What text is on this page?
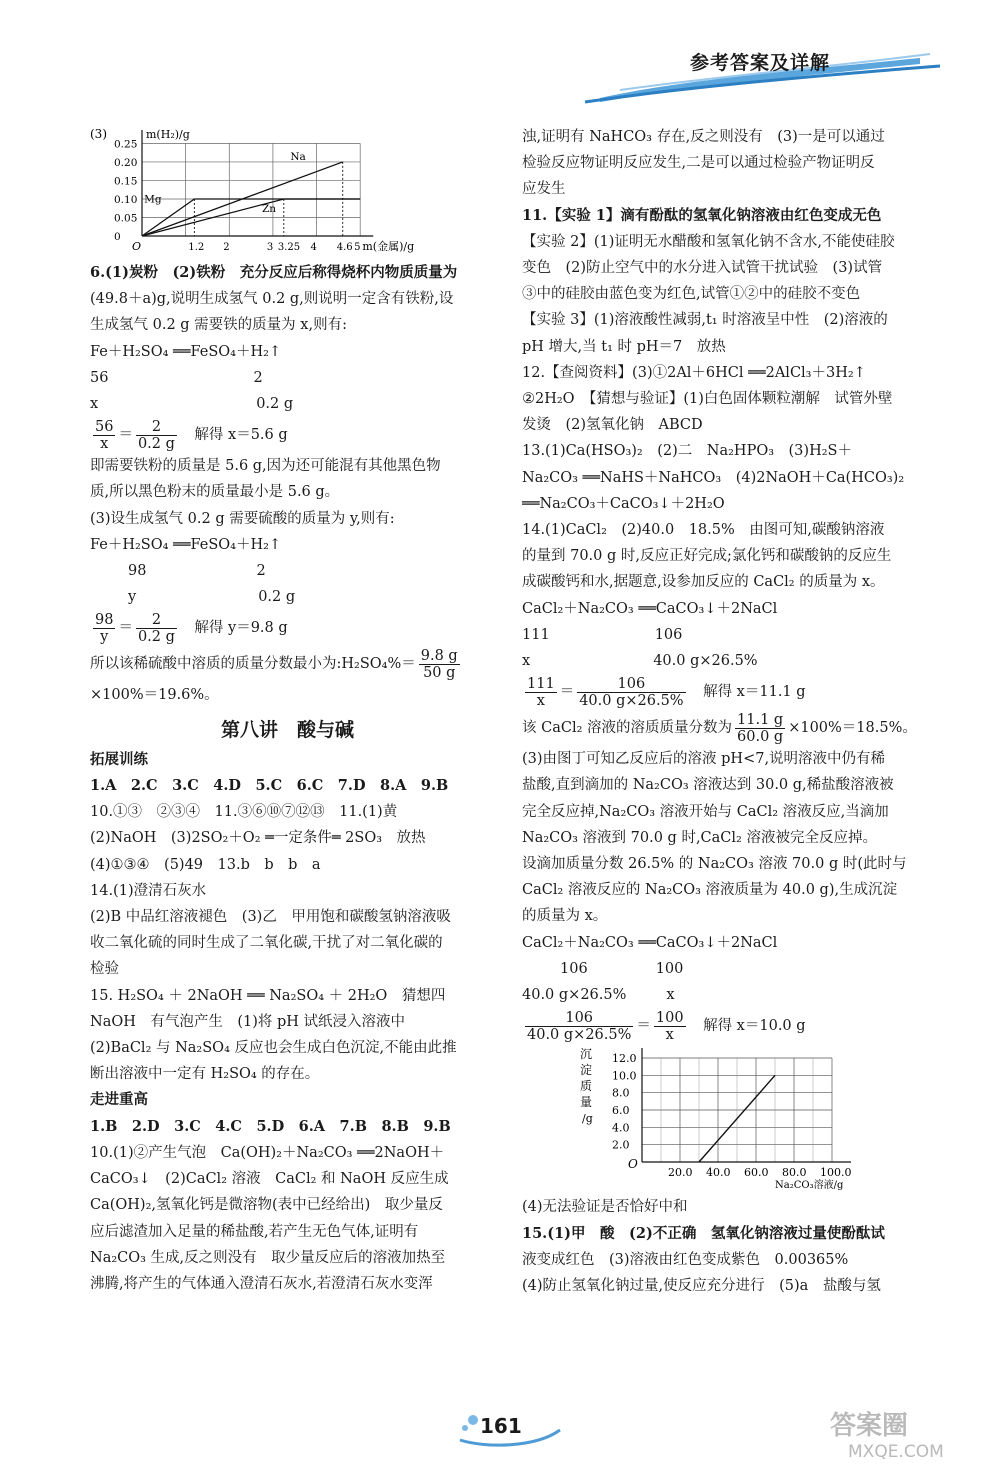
参考答案及详解
(3)	m(H₂)/g
m(金属)/g
0
0.05
0.10
0.15
0.20
0.25
O	1.2 2	3 3.25 4 4.6 5
Mg
Na
Zn

6.(1)炭粉　(2)铁粉　充分反应后称得烧杯内物质质量为

(49.8＋a)g,说明生成氢气 0.2 g,则说明一定含有铁粉,设

生成氢气 0.2 g 需要铁的质量为 x,则有:

Fe＋H₂SO₄ ══FeSO₄＋H₂↑

56	2

x	0.2 g

$\frac{56}{x} = \frac{2}{0.2 g}$
　 解得 x＝5.6 g

即需要铁粉的质量是 5.6 g,因为还可能混有其他黑色物

质,所以黑色粉末的质量最小是 5.6 g。

(3)设生成氢气 0.2 g 需要硫酸的质量为 y,则有:

Fe＋H₂SO₄ ══FeSO₄＋H₂↑

98	2

y	0.2 g

$\frac{98}{y} = \frac{2}{0.2 g}$
　 解得 y＝9.8 g

所以该稀硫酸中溶质的质量分数最小为:H₂SO₄%＝ $\frac{9.8 g}{50 g}$

×100%＝19.6%。

第八讲　酸与碱

拓展训练

1.A　2.C　3.C　4.D　5.C　6.C　7.D　8.A　9.B

10.①③　②③④　11.③⑥⑩⑦⑫⑬　11.(1)黄

(2)NaOH　(3)2SO₂＋O₂ ═一定条件═ 2SO₃　放热

(4)①③④　(5)49　13.b　b　b　a

14.(1)澄清石灰水

(2)B 中品红溶液褪色　(3)乙　甲用饱和碳酸氢钠溶液吸

收二氧化硫的同时生成了二氧化碳,干扰了对二氧化碳的

检验

15. H₂SO₄ ＋ 2NaOH ══ Na₂SO₄ ＋ 2H₂O　猜想四

NaOH　有气泡产生　(1)将 pH 试纸浸入溶液中

(2)BaCl₂ 与 Na₂SO₄ 反应也会生成白色沉淀,不能由此推

断出溶液中一定有 H₂SO₄ 的存在。

走进重高

1.B　2.D　3.C　4.C　5.D　6.A　7.B　8.B　9.B

10.(1)②产生气泡　Ca(OH)₂＋Na₂CO₃ ══2NaOH＋

CaCO₃↓　(2)CaCl₂ 溶液　CaCl₂ 和 NaOH 反应生成

Ca(OH)₂,氢氧化钙是微溶物(表中已经给出)　取少量反

应后滤渣加入足量的稀盐酸,若产生无色气体,证明有

Na₂CO₃ 生成,反之则没有　取少量反应后的溶液加热至

沸腾,将产生的气体通入澄清石灰水,若澄清石灰水变浑

浊,证明有 NaHCO₃ 存在,反之则没有　(3)一是可以通过

检验反应物证明反应发生,二是可以通过检验产物证明反

应发生

11.【实验 1】滴有酚酞的氢氧化钠溶液由红色变成无色

【实验 2】(1)证明无水醋酸和氢氧化钠不含水,不能使硅胶

变色　(2)防止空气中的水分进入试管干扰试验　(3)试管

③中的硅胶由蓝色变为红色,试管①②中的硅胶不变色

【实验 3】(1)溶液酸性减弱,t₁ 时溶液呈中性　(2)溶液的

pH 增大,当 t₁ 时 pH＝7　放热

12.【查阅资料】(3)①2Al＋6HCl ══2AlCl₃＋3H₂↑

②2H₂O　【猜想与验证】(1)白色固体颗粒潮解　试管外壁

发烫　(2)氢氧化钠　ABCD

13.(1)Ca(HSO₃)₂　(2)二　Na₂HPO₃　(3)H₂S＋

Na₂CO₃ ══NaHS＋NaHCO₃　(4)2NaOH＋Ca(HCO₃)₂

══Na₂CO₃＋CaCO₃↓＋2H₂O

14.(1)CaCl₂　(2)40.0　18.5%　由图可知,碳酸钠溶液

的量到 70.0 g 时,反应正好完成;氯化钙和碳酸钠的反应生

成碳酸钙和水,据题意,设参加反应的 CaCl₂ 的质量为 x。

CaCl₂＋Na₂CO₃ ══CaCO₃↓＋2NaCl

111	106

x	40.0 g×26.5%

$\frac{111}{x} = \frac{106}{40.0 g\times 26.5\%}$
　 解得 x＝11.1 g

该 CaCl₂ 溶液的溶质质量分数为 $\frac{11.1 g}{60.0 g} \times 100\%=18.5\%$。

(3)由图丁可知乙反应后的溶液 pH<7,说明溶液中仍有稀

盐酸,直到滴加的 Na₂CO₃ 溶液达到 30.0 g,稀盐酸溶液被

完全反应掉,Na₂CO₃ 溶液开始与 CaCl₂ 溶液反应,当滴加

Na₂CO₃ 溶液到 70.0 g 时,CaCl₂ 溶液被完全反应掉。

设滴加质量分数 26.5% 的 Na₂CO₃ 溶液 70.0 g 时(此时与

CaCl₂ 溶液反应的 Na₂CO₃ 溶液质量为 40.0 g),生成沉淀

的质量为 x。

CaCl₂＋Na₂CO₃ ══CaCO₃↓＋2NaCl

106	100

40.0 g×26.5%	x

$\frac{106}{40.0 g\times 26.5\%} = \frac{100}{x}$
　 解得 x＝10.0 g

沉
淀
质
量
/g
2.0
4.0
6.0
8.0
10.0
12.0
O
20.0 40.0 60.0 80.0 100.0
Na₂CO₃溶液/g

(4)无法验证是否恰好中和

15.(1)甲　酸　(2)不正确　氢氧化钠溶液过量使酚酞试

液变成红色　(3)溶液由红色变成紫色　0.00365%

(4)防止氢氧化钠过量,使反应充分进行　(5)a　盐酸与氢

161	答案圈
MXQE.COM
